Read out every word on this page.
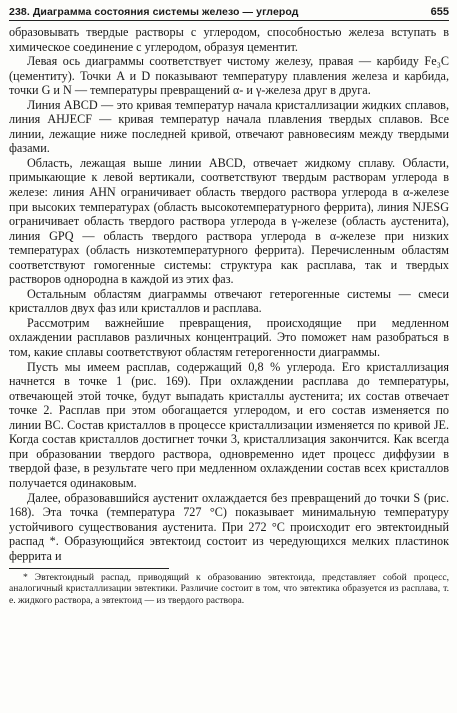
238. Диаграмма состояния системы железо — углерод	655

образовывать твердые растворы с углеродом, способностью железа вступать в химическое соединение с углеродом, образуя цементит.

Левая ось диаграммы соответствует чистому железу, правая — карбиду Fe₃C (цементиту). Точки A и D показывают температуру плавления железа и карбида, точки G и N — температуры превращений α- и γ-железа друг в друга.

Линия ABCD — это кривая температур начала кристаллизации жидких сплавов, линия AHJECF — кривая температур начала плавления твердых сплавов. Все линии, лежащие ниже последней кривой, отвечают равновесиям между твердыми фазами.

Область, лежащая выше линии ABCD, отвечает жидкому сплаву. Области, примыкающие к левой вертикали, соответствуют твердым растворам углерода в железе: линия AHN ограничивает область твердого раствора углерода в α-железе при высоких температурах (область высокотемпературного феррита), линия NJESG ограничивает область твердого раствора углерода в γ-железе (область аустенита), линия GPQ — область твердого раствора углерода в α-железе при низких температурах (область низкотемпературного феррита). Перечисленным областям соответствуют гомогенные системы: структура как расплава, так и твердых растворов однородна в каждой из этих фаз.

Остальным областям диаграммы отвечают гетерогенные системы — смеси кристаллов двух фаз или кристаллов и расплава.

Рассмотрим важнейшие превращения, происходящие при медленном охлаждении расплавов различных концентраций. Это поможет нам разобраться в том, какие сплавы соответствуют областям гетерогенности диаграммы.

Пусть мы имеем расплав, содержащий 0,8 % углерода. Его кристаллизация начнется в точке 1 (рис. 169). При охлаждении расплава до температуры, отвечающей этой точке, будут выпадать кристаллы аустенита; их состав отвечает точке 2. Расплав при этом обогащается углеродом, и его состав изменяется по линии BC. Состав кристаллов в процессе кристаллизации изменяется по кривой JE. Когда состав кристаллов достигнет точки 3, кристаллизация закончится. Как всегда при образовании твердого раствора, одновременно идет процесс диффузии в твердой фазе, в результате чего при медленном охлаждении состав всех кристаллов получается одинаковым.

Далее, образовавшийся аустенит охлаждается без превращений до точки S (рис. 168). Эта точка (температура 727 °C) показывает минимальную температуру устойчивого существования аустенита. При 272 °C происходит его эвтектоидный распад *. Образующийся эвтектоид состоит из чередующихся мелких пластинок феррита и

* Эвтектоидный распад, приводящий к образованию эвтектоида, представляет собой процесс, аналогичный кристаллизации эвтектики. Различие состоит в том, что эвтектика образуется из расплава, т. е. жидкого раствора, а эвтектоид — из твердого раствора.
